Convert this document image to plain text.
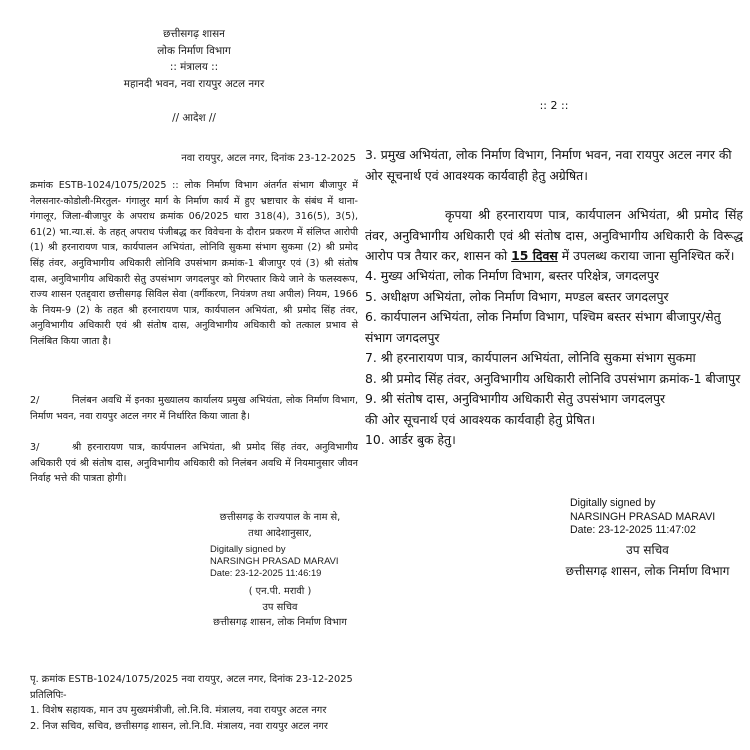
छत्तीसगढ़ शासन
लोक निर्माण विभाग
:: मंत्रालय ::
महानदी भवन, नवा रायपुर अटल नगर
// आदेश //
नवा रायपुर, अटल नगर, दिनांक 23-12-2025
क्रमांक ESTB-1024/1075/2025 :: लोक निर्माण विभाग अंतर्गत संभाग बीजापुर में नेलसनार-कोडोली-मिरतुल- गंगालुर मार्ग के निर्माण कार्य में हुए भ्रष्टाचार के संबंध में थाना-गंगालूर, जिला-बीजापुर के अपराध क्रमांक 06/2025 धारा 318(4), 316(5), 3(5), 61(2) भा.न्या.सं. के तहत् अपराध पंजीबद्ध कर विवेचना के दौरान प्रकरण में संलिप्त आरोपी (1) श्री हरनारायण पात्र, कार्यपालन अभियंता, लोनिवि सुकमा संभाग सुकमा (2) श्री प्रमोद सिंह तंवर, अनुविभागीय अधिकारी लोनिवि उपसंभाग क्रमांक-1 बीजापुर एवं (3) श्री संतोष दास, अनुविभागीय अधिकारी सेतु उपसंभाग जगदलपुर को गिरफ्तार किये जाने के फलस्वरूप, राज्य शासन एतद्द्वारा छत्तीसगढ़ सिविल सेवा (वर्गीकरण, नियंत्रण तथा अपील) नियम, 1966 के नियम-9 (2) के तहत श्री हरनारायण पात्र, कार्यपालन अभियंता, श्री प्रमोद सिंह तंवर, अनुविभागीय अधिकारी एवं श्री संतोष दास, अनुविभागीय अधिकारी को तत्काल प्रभाव से निलंबित किया जाता है।
2/	निलंबन अवधि में इनका मुख्यालय कार्यालय प्रमुख अभियंता, लोक निर्माण विभाग, निर्माण भवन, नवा रायपुर अटल नगर में निर्धारित किया जाता है।
3/	श्री हरनारायण पात्र, कार्यपालन अभियंता, श्री प्रमोद सिंह तंवर, अनुविभागीय अधिकारी एवं श्री संतोष दास, अनुविभागीय अधिकारी को निलंबन अवधि में नियमानुसार जीवन निर्वाह भत्ते की पात्रता होगी।
छत्तीसगढ़ के राज्यपाल के नाम से,
तथा आदेशानुसार,
Digitally signed by
NARSINGH PRASAD MARAVI
Date: 23-12-2025 11:46:19
( एन.पी. मरावी )
उप सचिव
छत्तीसगढ़ शासन, लोक निर्माण विभाग
पृ. क्रमांक ESTB-1024/1075/2025 नवा रायपुर, अटल नगर, दिनांक 23-12-2025
प्रतिलिपिः-
1. विशेष सहायक, मान उप मुख्यमंत्रीजी, लो.नि.वि. मंत्रालय, नवा रायपुर अटल नगर
2. निज सचिव, सचिव, छत्तीसगढ़ शासन, लो.नि.वि. मंत्रालय, नवा रायपुर अटल नगर
:: 2 ::
3. प्रमुख अभियंता, लोक निर्माण विभाग, निर्माण भवन, नवा रायपुर अटल नगर की ओर सूचनार्थ एवं आवश्यक कार्यवाही हेतु अग्रेषित।
कृपया श्री हरनारायण पात्र, कार्यपालन अभियंता, श्री प्रमोद सिंह तंवर, अनुविभागीय अधिकारी एवं श्री संतोष दास, अनुविभागीय अधिकारी के विरूद्ध आरोप पत्र तैयार कर, शासन को 15 दिवस में उपलब्ध कराया जाना सुनिश्चित करें।
4. मुख्य अभियंता, लोक निर्माण विभाग, बस्तर परिक्षेत्र, जगदलपुर
5. अधीक्षण अभियंता, लोक निर्माण विभाग, मण्डल बस्तर जगदलपुर
6. कार्यपालन अभियंता, लोक निर्माण विभाग, पश्चिम बस्तर संभाग बीजापुर/सेतु संभाग जगदलपुर
7. श्री हरनारायण पात्र, कार्यपालन अभियंता, लोनिवि सुकमा संभाग सुकमा
8. श्री प्रमोद सिंह तंवर, अनुविभागीय अधिकारी लोनिवि उपसंभाग क्रमांक-1 बीजापुर
9. श्री संतोष दास, अनुविभागीय अधिकारी सेतु उपसंभाग जगदलपुर
की ओर सूचनार्थ एवं आवश्यक कार्यवाही हेतु प्रेषित।
10. आर्डर बुक हेतु।
Digitally signed by
NARSINGH PRASAD MARAVI
Date: 23-12-2025 11:47:02
उप सचिव
छत्तीसगढ़ शासन, लोक निर्माण विभाग
